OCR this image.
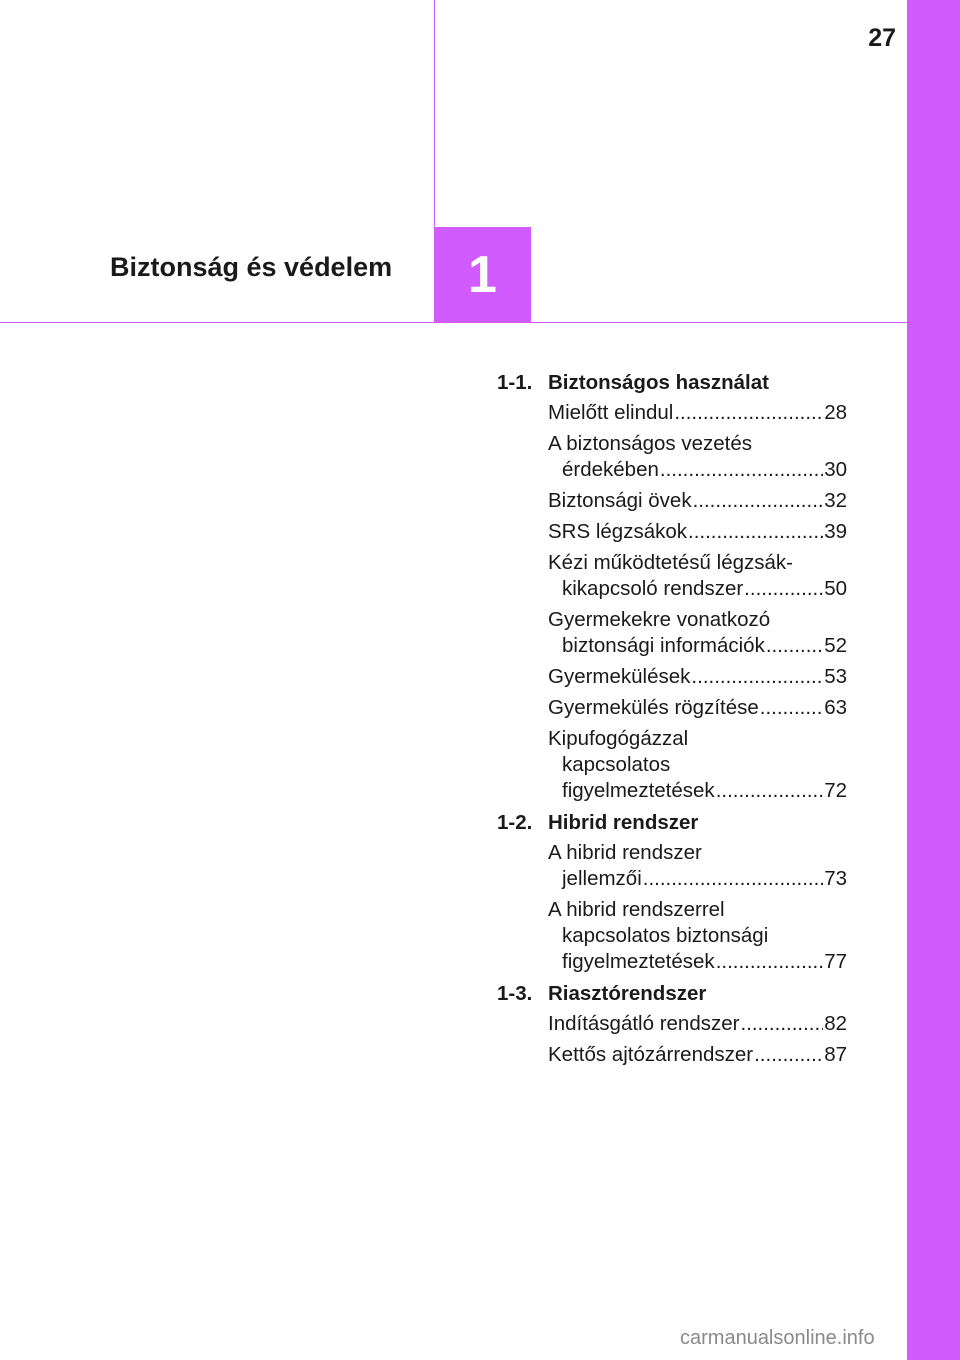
27
Biztonság és védelem 1
1-1. Biztonságos használat
Mielőtt elindul .....	28
A biztonságos vezetés
érdekében .....	30
Biztonsági övek .....	32
SRS légzsákok .....	39
Kézi működtetésű légzsák-
kikapcsoló rendszer .....	50
Gyermekekre vonatkozó
biztonsági információk .....	52
Gyermekülések .....	53
Gyermekülés rögzítése .....	63
Kipufogógázzal
kapcsolatos
figyelmeztetések .....	72
1-2. Hibrid rendszer
A hibrid rendszer
jellemzői .....	73
A hibrid rendszerrel
kapcsolatos biztonsági
figyelmeztetések .....	77
1-3. Riasztórendszer
Indításgátló rendszer .....	82
Kettős ajtózárrendszer .....	87
carmanualsonline.info
